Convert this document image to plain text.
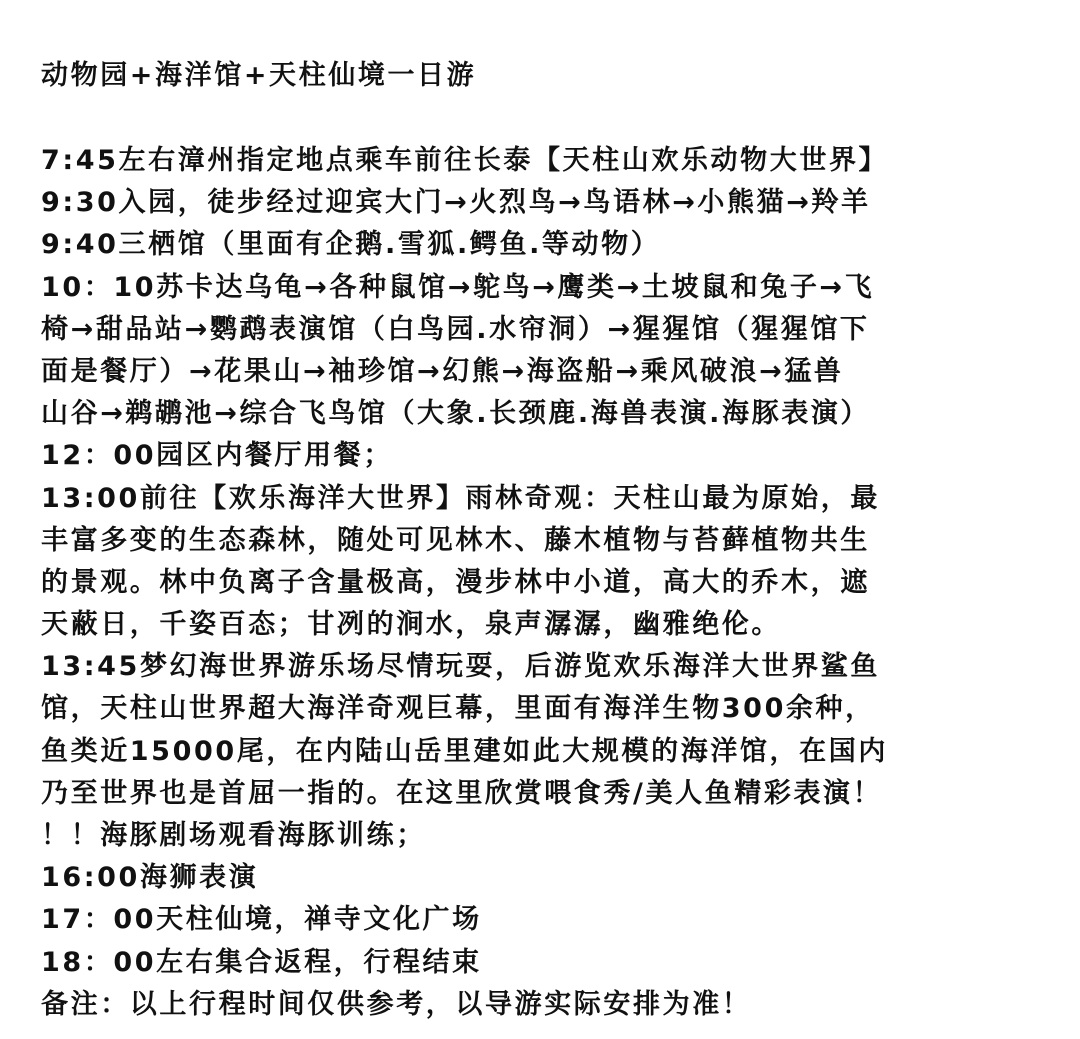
动物园+海洋馆+天柱仙境一日游
7:45左右漳州指定地点乘车前往长泰【天柱山欢乐动物大世界】
9:30入园，徒步经过迎宾大门→火烈鸟→鸟语林→小熊猫→羚羊
9:40三栖馆（里面有企鹅.雪狐.鳄鱼.等动物）
10：10苏卡达乌龟→各种鼠馆→鸵鸟→鹰类→土坡鼠和兔子→飞
椅→甜品站→鹦鹉表演馆（白鸟园.水帘洞）→猩猩馆（猩猩馆下
面是餐厅）→花果山→袖珍馆→幻熊→海盗船→乘风破浪→猛兽
山谷→鹈鹕池→综合飞鸟馆（大象.长颈鹿.海兽表演.海豚表演）
12：00园区内餐厅用餐；
13:00前往【欢乐海洋大世界】雨林奇观：天柱山最为原始，最
丰富多变的生态森林，随处可见林木、藤木植物与苔藓植物共生
的景观。林中负离子含量极高，漫步林中小道，高大的乔木，遮
天蔽日，千姿百态；甘冽的涧水，泉声潺潺，幽雅绝伦。
13:45梦幻海世界游乐场尽情玩耍，后游览欢乐海洋大世界鲨鱼
馆，天柱山世界超大海洋奇观巨幕，里面有海洋生物300余种，
鱼类近15000尾，在内陆山岳里建如此大规模的海洋馆，在国内
乃至世界也是首屈一指的。在这里欣赏喂食秀/美人鱼精彩表演！
！！海豚剧场观看海豚训练；
16:00海狮表演
17：00天柱仙境，禅寺文化广场
18：00左右集合返程，行程结束
备注：以上行程时间仅供参考，以导游实际安排为准！
